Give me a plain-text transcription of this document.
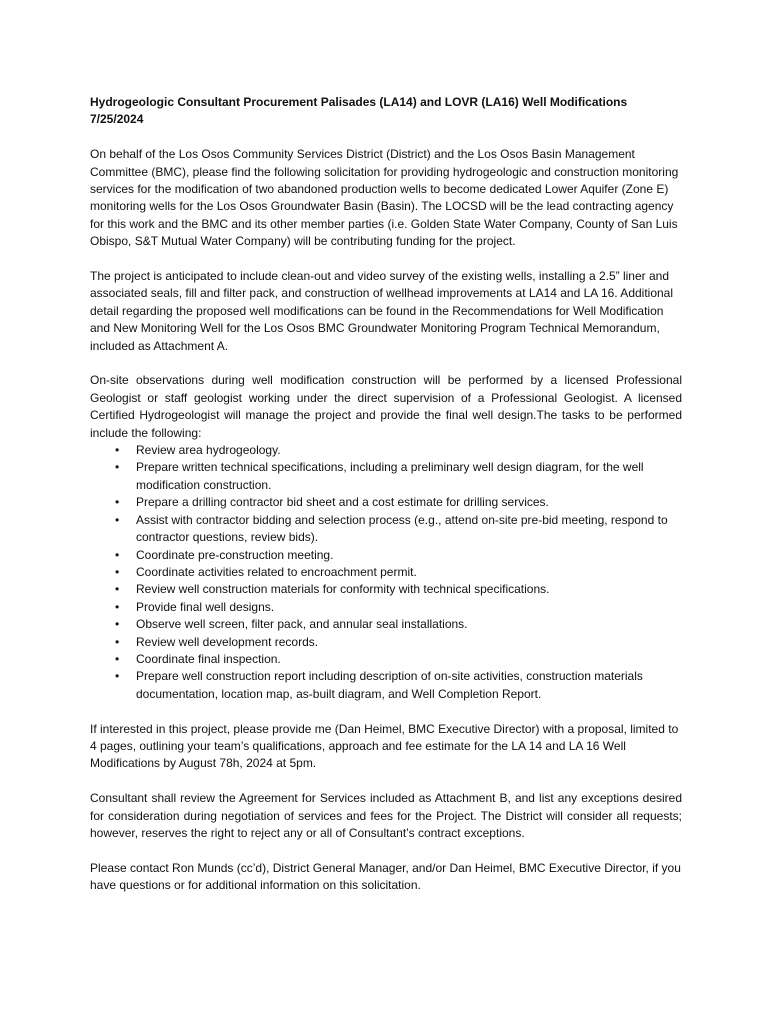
Hydrogeologic Consultant Procurement Palisades (LA14) and LOVR (LA16) Well Modifications

7/25/2024

On behalf of the Los Osos Community Services District (District) and the Los Osos Basin Management Committee (BMC), please find the following solicitation for providing hydrogeologic and construction monitoring services for the modification of two abandoned production wells to become dedicated Lower Aquifer (Zone E) monitoring wells for the Los Osos Groundwater Basin (Basin). The LOCSD will be the lead contracting agency for this work and the BMC and its other member parties (i.e. Golden State Water Company, County of San Luis Obispo, S&T Mutual Water Company) will be contributing funding for the project.

The project is anticipated to include clean-out and video survey of the existing wells, installing a 2.5” liner and associated seals, fill and filter pack, and construction of wellhead improvements at LA14 and LA 16. Additional detail regarding the proposed well modifications can be found in the Recommendations for Well Modification and New Monitoring Well for the Los Osos BMC Groundwater Monitoring Program Technical Memorandum, included as Attachment A.

On-site observations during well modification construction will be performed by a licensed Professional Geologist or staff geologist working under the direct supervision of a Professional Geologist. A licensed Certified Hydrogeologist will manage the project and provide the final well design.The tasks to be performed include the following:

• Review area hydrogeology.
• Prepare written technical specifications, including a preliminary well design diagram, for the well modification construction.
• Prepare a drilling contractor bid sheet and a cost estimate for drilling services.
• Assist with contractor bidding and selection process (e.g., attend on-site pre-bid meeting, respond to contractor questions, review bids).
• Coordinate pre-construction meeting.
• Coordinate activities related to encroachment permit.
• Review well construction materials for conformity with technical specifications.
• Provide final well designs.
• Observe well screen, filter pack, and annular seal installations.
• Review well development records.
• Coordinate final inspection.
• Prepare well construction report including description of on-site activities, construction materials documentation, location map, as-built diagram, and Well Completion Report.

If interested in this project, please provide me (Dan Heimel, BMC Executive Director) with a proposal, limited to 4 pages, outlining your team’s qualifications, approach and fee estimate for the LA 14 and LA 16 Well Modifications by August 78h, 2024 at 5pm.

Consultant shall review the Agreement for Services included as Attachment B, and list any exceptions desired for consideration during negotiation of services and fees for the Project. The District will consider all requests; however, reserves the right to reject any or all of Consultant’s contract exceptions.

Please contact Ron Munds (cc’d), District General Manager, and/or Dan Heimel, BMC Executive Director, if you have questions or for additional information on this solicitation.
